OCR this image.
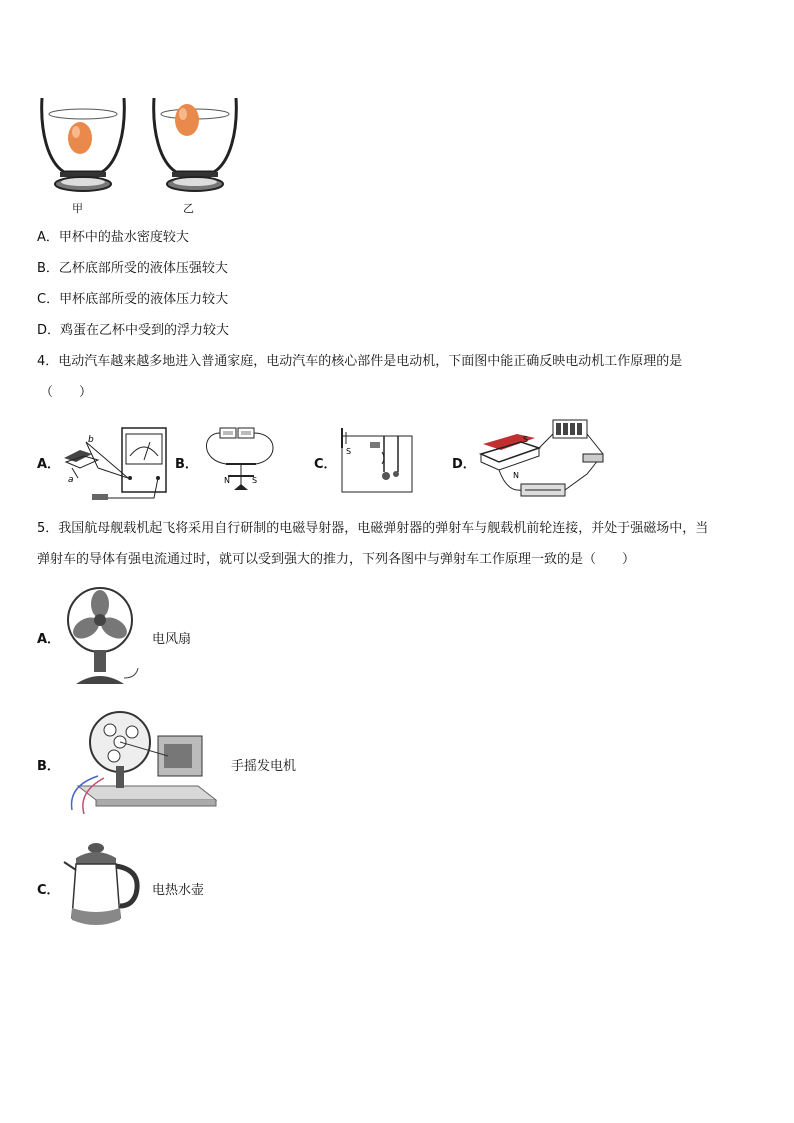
甲	乙
A．甲杯中的盐水密度较大
B．乙杯底部所受的液体压强较大
C．甲杯底部所受的液体压力较大
D．鸡蛋在乙杯中受到的浮力较大
4．电动汽车越来越多地进入普通家庭，电动汽车的核心部件是电动机，下面图中能正确反映电动机工作原理的是
（　　）
A．
b
a
B．
N	S
C．
S
D．
S
N
5．我国航母舰载机起飞将采用自行研制的电磁导射器，电磁弹射器的弹射车与舰载机前轮连接，并处于强磁场中，当
弹射车的导体有强电流通过时，就可以受到强大的推力，下列各图中与弹射车工作原理一致的是（　　）
A．	电风扇
B．	手摇发电机
C．	电热水壶
